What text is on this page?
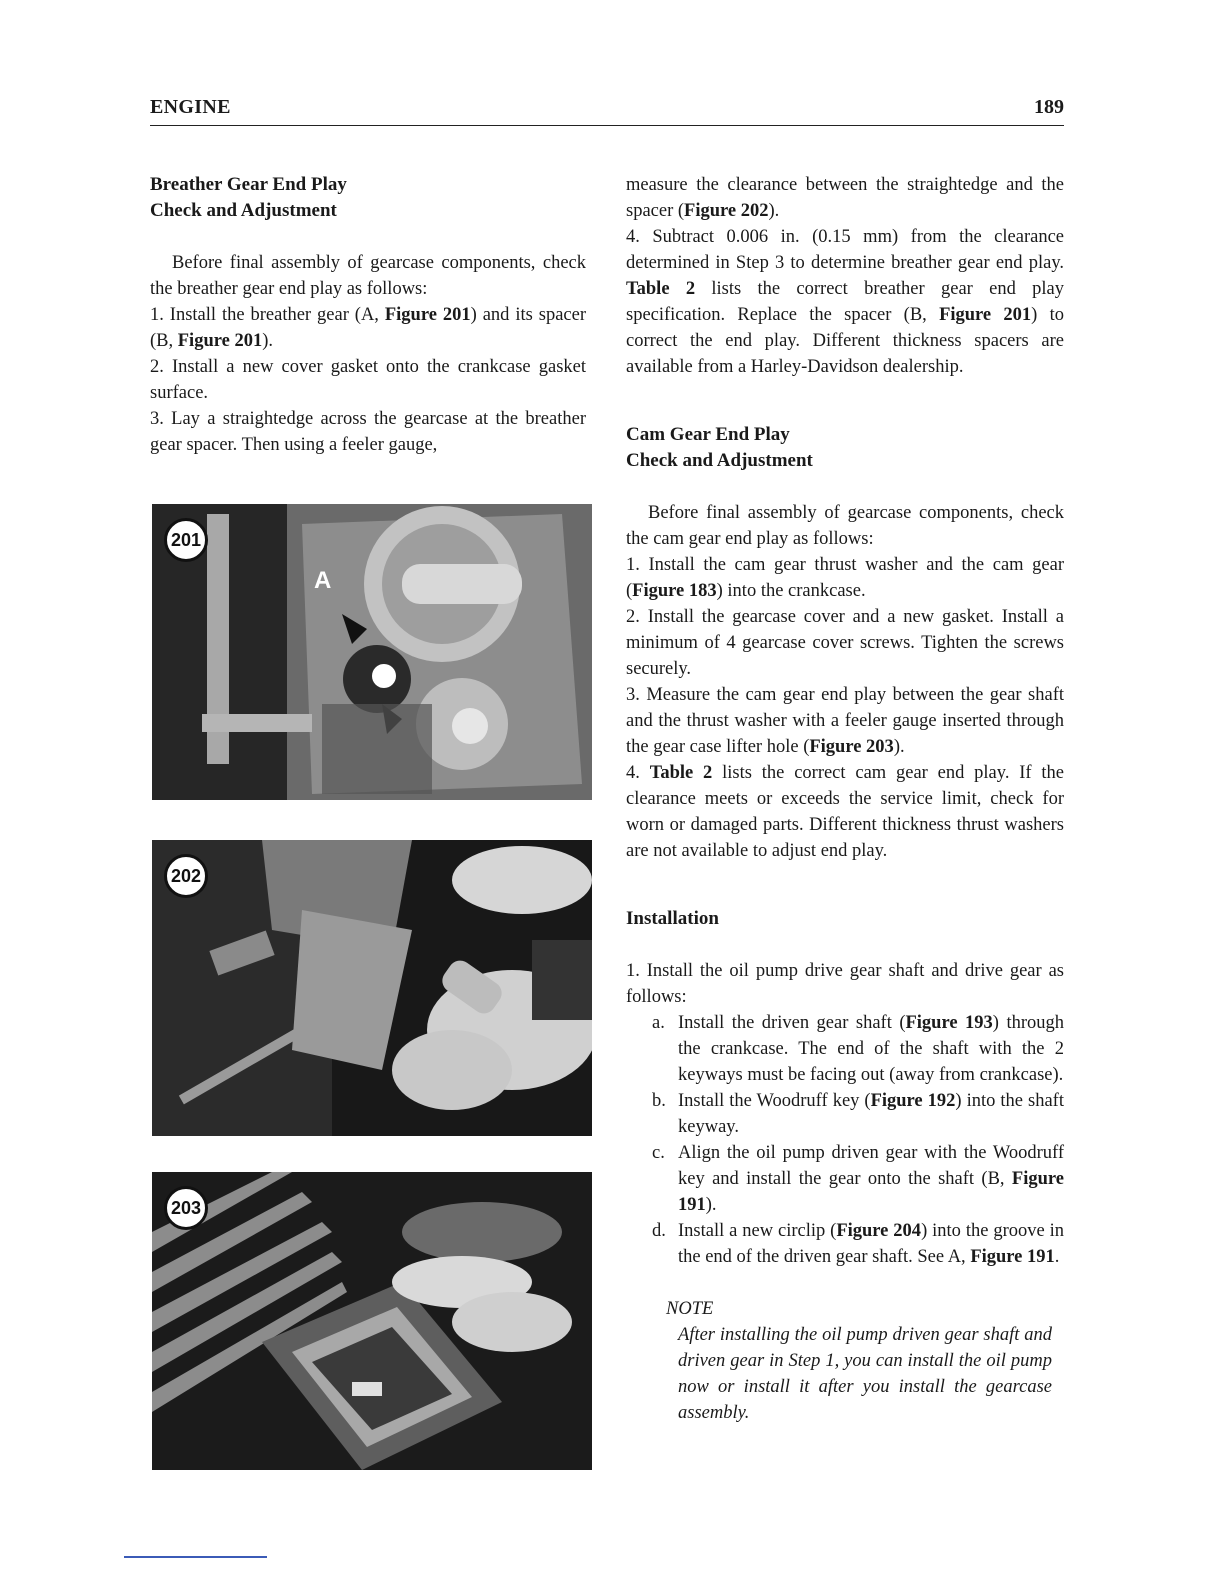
ENGINE	189
Breather Gear End Play
Check and Adjustment

Before final assembly of gearcase components, check the breather gear end play as follows:

1. Install the breather gear (A, Figure 201) and its spacer (B, Figure 201).

2. Install a new cover gasket onto the crankcase gasket surface.

3. Lay a straightedge across the gearcase at the breather gear spacer. Then using a feeler gauge,

201
A
202
203

measure the clearance between the straightedge and the spacer (Figure 202).

4. Subtract 0.006 in. (0.15 mm) from the clearance determined in Step 3 to determine breather gear end play. Table 2 lists the correct breather gear end play specification. Replace the spacer (B, Figure 201) to correct the end play. Different thickness spacers are available from a Harley-Davidson dealership.

Cam Gear End Play
Check and Adjustment

Before final assembly of gearcase components, check the cam gear end play as follows:

1. Install the cam gear thrust washer and the cam gear (Figure 183) into the crankcase.

2. Install the gearcase cover and a new gasket. Install a minimum of 4 gearcase cover screws. Tighten the screws securely.

3. Measure the cam gear end play between the gear shaft and the thrust washer with a feeler gauge inserted through the gear case lifter hole (Figure 203).

4. Table 2 lists the correct cam gear end play. If the clearance meets or exceeds the service limit, check for worn or damaged parts. Different thickness thrust washers are not available to adjust end play.

Installation

1. Install the oil pump drive gear shaft and drive gear as follows:

a. Install the driven gear shaft (Figure 193) through the crankcase. The end of the shaft with the 2 keyways must be facing out (away from crankcase).

b. Install the Woodruff key (Figure 192) into the shaft keyway.

c. Align the oil pump driven gear with the Woodruff key and install the gear onto the shaft (B, Figure 191).

d. Install a new circlip (Figure 204) into the groove in the end of the driven gear shaft. See A, Figure 191.

NOTE

After installing the oil pump driven gear shaft and driven gear in Step 1, you can install the oil pump now or install it after you install the gearcase assembly.
